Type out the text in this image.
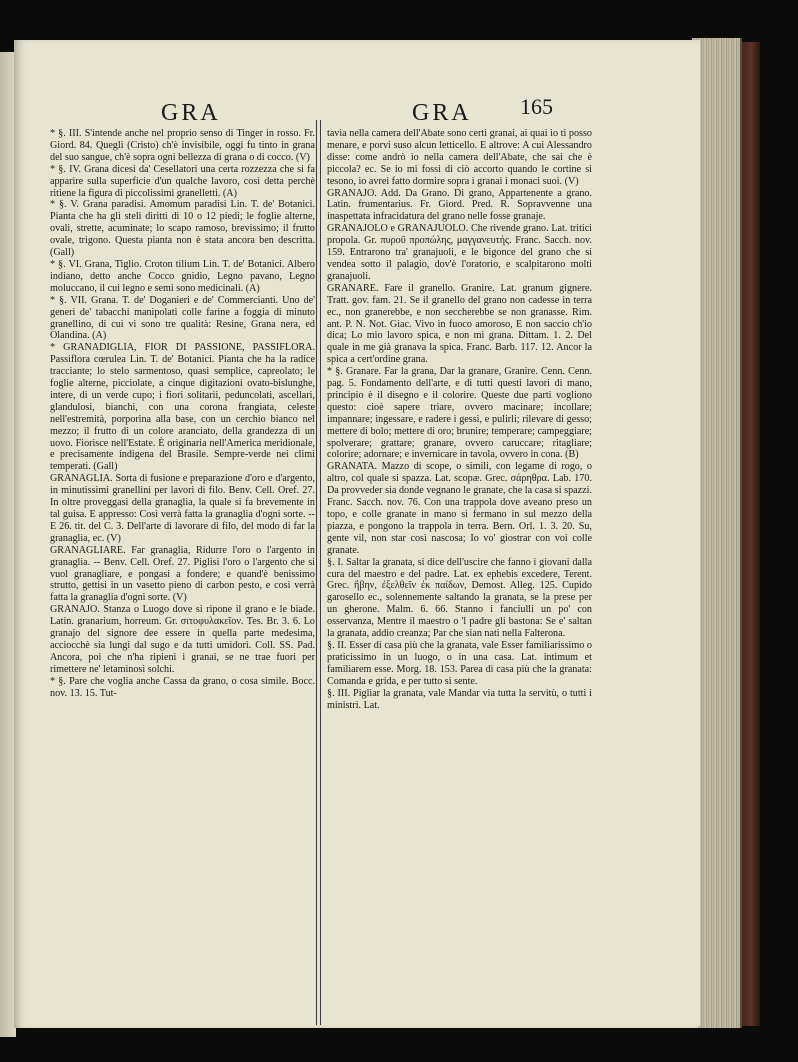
GRA	GRA 165

* §. III. S'intende anche nel proprio senso di Tinger in rosso. Fr. Giord. 84. Quegli (Cristo) ch'è invisibile, oggi fu tinto in grana del suo sangue, ch'è sopra ogni bellezza di grana o di cocco. (V)

* §. IV. Grana dicesi da' Cesellatori una certa rozzezza che si fa apparire sulla superficie d'un qualche lavoro, così detta perchè ritiene la figura di piccolissimi granelletti. (A)

* §. V. Grana paradisi. Amomum paradisi Lin. T. de' Botanici. Pianta che ha gli steli diritti di 10 o 12 piedi; le foglie alterne, ovali, strette, acuminate; lo scapo ramoso, brevissimo; il frutto ovale, trigono. Questa pianta non è stata ancora ben descritta. (Gall)

* §. VI. Grana, Tiglio. Croton tilium Lin. T. de' Botanici. Albero indiano, detto anche Cocco gnidio, Legno pavano, Legno moluccano, il cui legno e semi sono medicinali. (A)

* §. VII. Grana. T. de' Doganieri e de' Commercianti. Uno de' generi de' tabacchi manipolati colle farine a foggia di minuto granellino, di cui vi sono tre qualità: Resine, Grana nera, ed Olandina. (A)

* GRANADIGLIA, FIOR DI PASSIONE, PASSIFLORA. Passiflora cœrulea Lin. T. de' Botanici. Pianta che ha la radice tracciante; lo stelo sarmentoso, quasi semplice, capreolato; le foglie alterne, picciolate, a cinque digitazioni ovato-bislunghe, intere, di un verde cupo; i fiori solitarii, peduncolati, ascellari, glandulosi, bianchi, con una corona frangiata, celeste nell'estremità, porporina alla base, con un cerchio bianco nel mezzo; il frutto di un colore aranciato, della grandezza di un uovo. Fiorisce nell'Estate. È originaria nell'America meridionale, e precisamente indigena del Brasile. Sempre-verde nei climi temperati. (Gall)

GRANAGLIA. Sorta di fusione e preparazione d'oro e d'argento, in minutissimi granellini per lavori di filo. Benv. Cell. Oref. 27. In oltre proveggasi della granaglia, la quale si fa brevemente in tal guisa. E appresso: Così verrà fatta la granaglia d'ogni sorte. -- E 26. tit. del C. 3. Dell'arte di lavorare di filo, del modo di far la granaglia, ec. (V)

GRANAGLIARE. Far granaglia, Ridurre l'oro o l'argento in granaglia. -- Benv. Cell. Oref. 27. Piglisi l'oro o l'argento che si vuol granagliare, e pongasi a fondere; e quand'è benissimo strutto, gettisi in un vasetto pieno di carbon pesto, e così verrà fatta la granaglia d'ogni sorte. (V)

GRANAJO. Stanza o Luogo dove si ripone il grano e le biade. Latin. granarium, horreum. Gr. σιτοφυλακεῖον. Tes. Br. 3. 6. Lo granajo del signore dee essere in quella parte medesima, acciocchè sia lungi dal sugo e da tutti umidori. Coll. SS. Pad. Ancora, poi che n'ha ripieni i granai, se ne trae fuori per rimettere ne' letaminosi solchi.

* §. Pare che voglia anche Cassa da grano, o cosa simile. Bocc. nov. 13. 15. Tut-

tavia nella camera dell'Abate sono certi granai, ai quai io ti posso menare, e porvi suso alcun letticello. E altrove: A cui Alessandro disse: come andrò io nella camera dell'Abate, che sai che è piccola? ec. Se io mi fossi di ciò accorto quando le cortine si tesono, io avrei fatto dormire sopra i granai i monaci suoi. (V)

GRANAJO. Add. Da Grano. Di grano, Appartenente a grano. Latin. frumentarius. Fr. Giord. Pred. R. Sopravvenne una inaspettata infracidatura del grano nelle fosse granaje.

GRANAJOLO e GRANAJUOLO. Che rivende grano. Lat. tritici propola. Gr. πυροῦ προπώλης, μαγγανευτής. Franc. Sacch. nov. 159. Entrarono tra' granajuoli, e le bigonce del grano che si vendea sotto il palagio, dov'è l'oratorio, e scalpitarono molti granajuoli.

GRANARE. Fare il granello. Granire. Lat. granum gignere. Tratt. gov. fam. 21. Se il granello del grano non cadesse in terra ec., non granerebbe, e non seccherebbe se non granasse. Rim. ant. P. N. Not. Giac. Vivo in fuoco amoroso, E non saccio ch'io dica; Lo mio lavoro spica, e non mi grana. Dittam. 1. 2. Del quale in me già granava la spica. Franc. Barb. 117. 12. Ancor la spica a cert'ordine grana.

* §. Granare. Far la grana, Dar la granare, Granire. Cenn. Cenn. pag. 5. Fondamento dell'arte, e di tutti questi lavori di mano, principio è il disegno e il colorire. Queste due parti vogliono questo: cioè sapere triare, ovvero macinare; incollare; impannare; ingessare, e radere i gessi, e pulirli; rilevare di gesso; mettere di bolo; mettere di oro; brunire; temperare; campeggiare; spolverare; grattare; granare, ovvero caruccare; ritagliare; colorire; adornare; e invernicare in tavola, ovvero in cona. (B)

GRANATA. Mazzo di scope, o simili, con legame di rogo, o altro, col quale si spazza. Lat. scopæ. Grec. σάρηθρα. Lab. 170. Da provveder sia donde vegnano le granate, che la casa si spazzi. Franc. Sacch. nov. 76. Con una trappola dove aveano preso un topo, e colle granate in mano si fermano in sul mezzo della piazza, e pongono la trappola in terra. Bern. Orl. 1. 3. 20. Su, gente vil, non star così nascosa; Io vo' giostrar con voi colle granate.

§. I. Saltar la granata, si dice dell'uscire che fanno i giovani dalla cura del maestro e del padre. Lat. ex ephebis excedere, Terent. Grec. ἥβην, ἐξελθεῖν ἐκ παίδων, Demost. Alleg. 125. Cupido garosello ec., solennemente saltando la granata, se la prese per un gherone. Malm. 6. 66. Stanno i fanciulli un po' con osservanza, Mentre il maestro o 'l padre gli bastona: Se e' saltan la granata, addio creanza; Par che sian nati nella Falterona.

§. II. Esser di casa più che la granata, vale Esser familiarissimo o praticissimo in un luogo, o in una casa. Lat. intimum et familiarem esse. Morg. 18. 153. Parea di casa più che la granata: Comanda e grida, e per tutto si sente.

§. III. Pigliar la granata, vale Mandar via tutta la servitù, o tutti i ministri. Lat.
